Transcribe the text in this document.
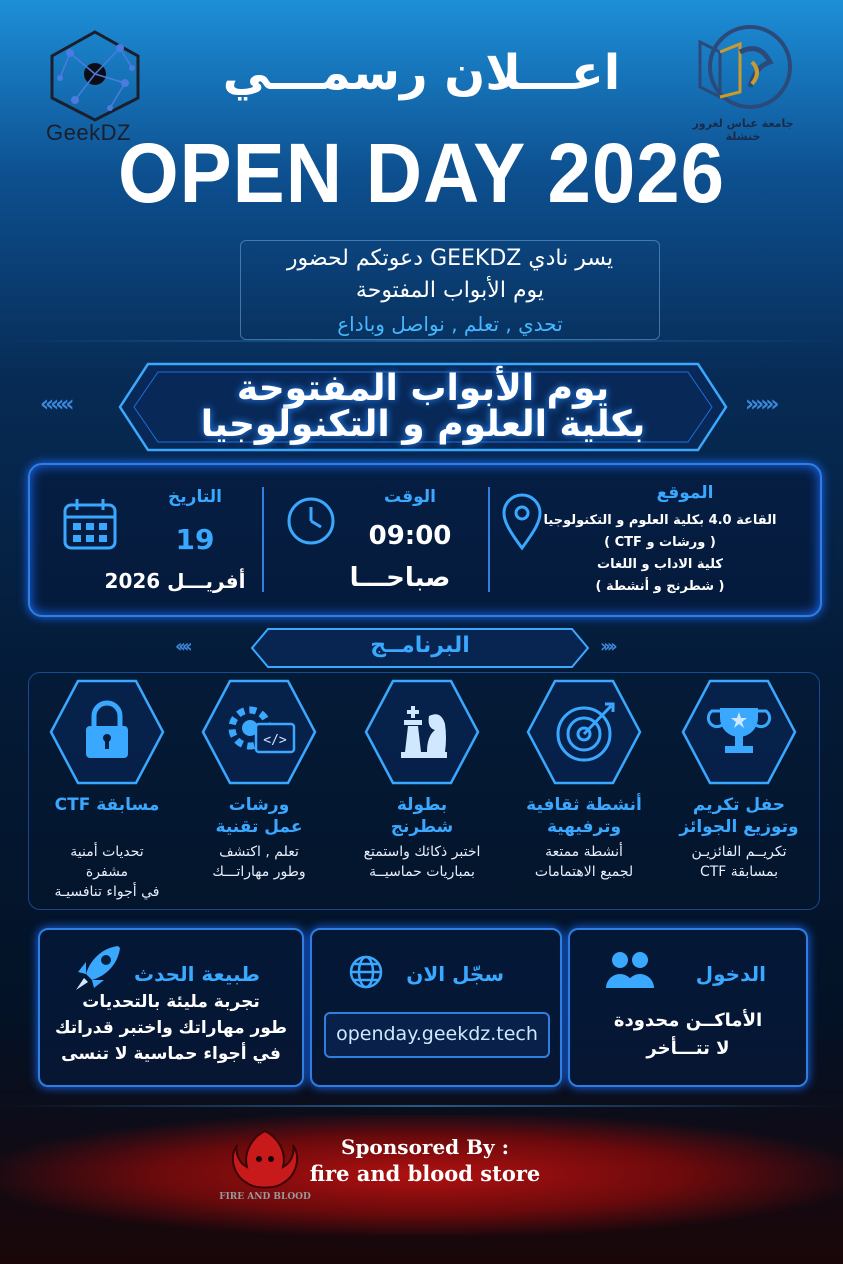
GeekDZ	جامعة عباس لغرور خنشلة
اعـــلان رسمـــي
OPEN DAY 2026
يسر نادي GEEKDZ دعوتكم لحضور
يوم الأبواب المفتوحة
تحدي , تعلم , نواصل وباداع
‹‹‹‹‹‹	››››››
يوم الأبواب المفتوحة
بكلية العلوم و التكنولوجيا
التاريخ
19
أفريـــل 2026
الوقت
09:00
صباحـــا
الموقع
القاعة 4.0 بكلية العلوم و التكنولوجيا
( ورشات و CTF )
كلية الاداب و اللغات
( شطرنج و أنشطة )
‹‹‹‹	››››
البرنامــج
حفل تكريم
وتوزيع الجوائز
تكريــم الفائزيـن
بمسابقة CTF
أنشطة ثقافية
وترفيهية
أنشطة ممتعة
لجميع الاهتمامات
بطولة
شطرنج
اختبر ذكائك واستمتع
بمباريات حماسيــة
</>
ورشات
عمل تقنية
تعلم , اكتشف
وطور مهاراتـــك
مسابقة CTF
تحديات أمنية
مشفرة
في أجواء تنافسيـة
الدخول
الأماكــن محدودة
لا تتـــأخر
سجّل الان
openday.geekdz.tech
طبيعة الحدث
تجربة مليئة بالتحديات
طور مهاراتك واختبر قدراتك
في أجواء حماسية لا تنسى
FIRE AND BLOOD
Sponsored By :
fire and blood store
